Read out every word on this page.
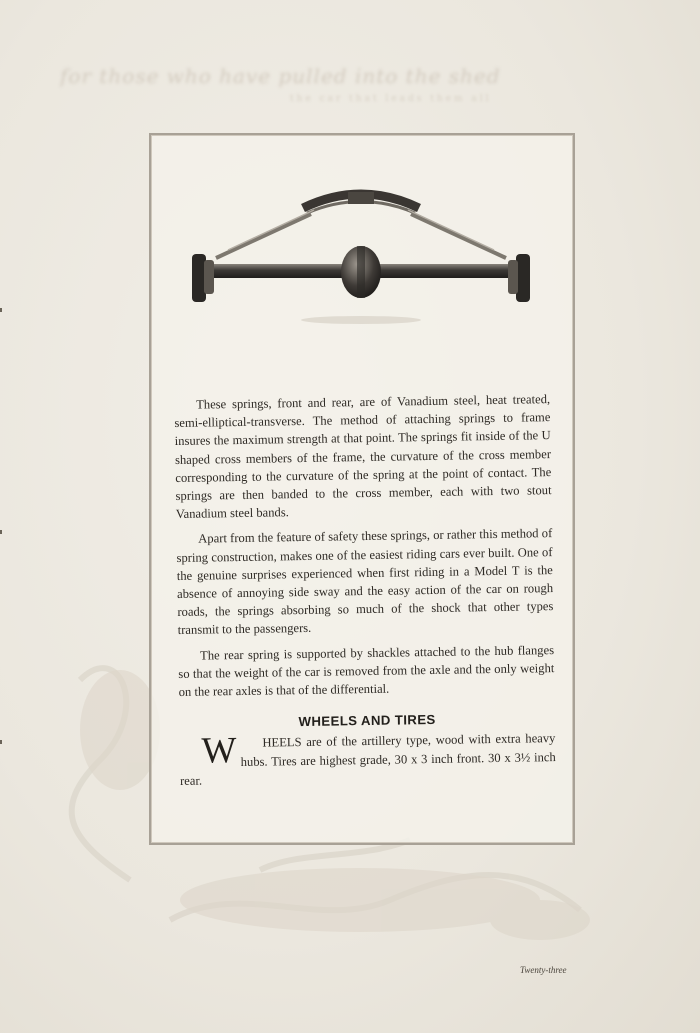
for those who have pulled into the shed
the car that leads them all

These springs, front and rear, are of Vanadium steel, heat treated, semi-elliptical-transverse. The method of attaching springs to frame insures the maximum strength at that point. The springs fit inside of the U shaped cross members of the frame, the curvature of the cross member corresponding to the curvature of the spring at the point of contact. The springs are then banded to the cross member, each with two stout Vanadium steel bands.

Apart from the feature of safety these springs, or rather this method of spring construction, makes one of the easiest riding cars ever built. One of the genuine surprises experienced when first riding in a Model T is the absence of annoying side sway and the easy action of the car on rough roads, the springs absorbing so much of the shock that other types transmit to the passengers.

The rear spring is supported by shackles attached to the hub flanges so that the weight of the car is removed from the axle and the only weight on the rear axles is that of the differential.

WHEELS AND TIRES

W	HEELS are of the artillery type, wood with extra heavy hubs. Tires are highest grade, 30 x 3 inch front. 30 x 3½ inch rear.

Twenty-three
